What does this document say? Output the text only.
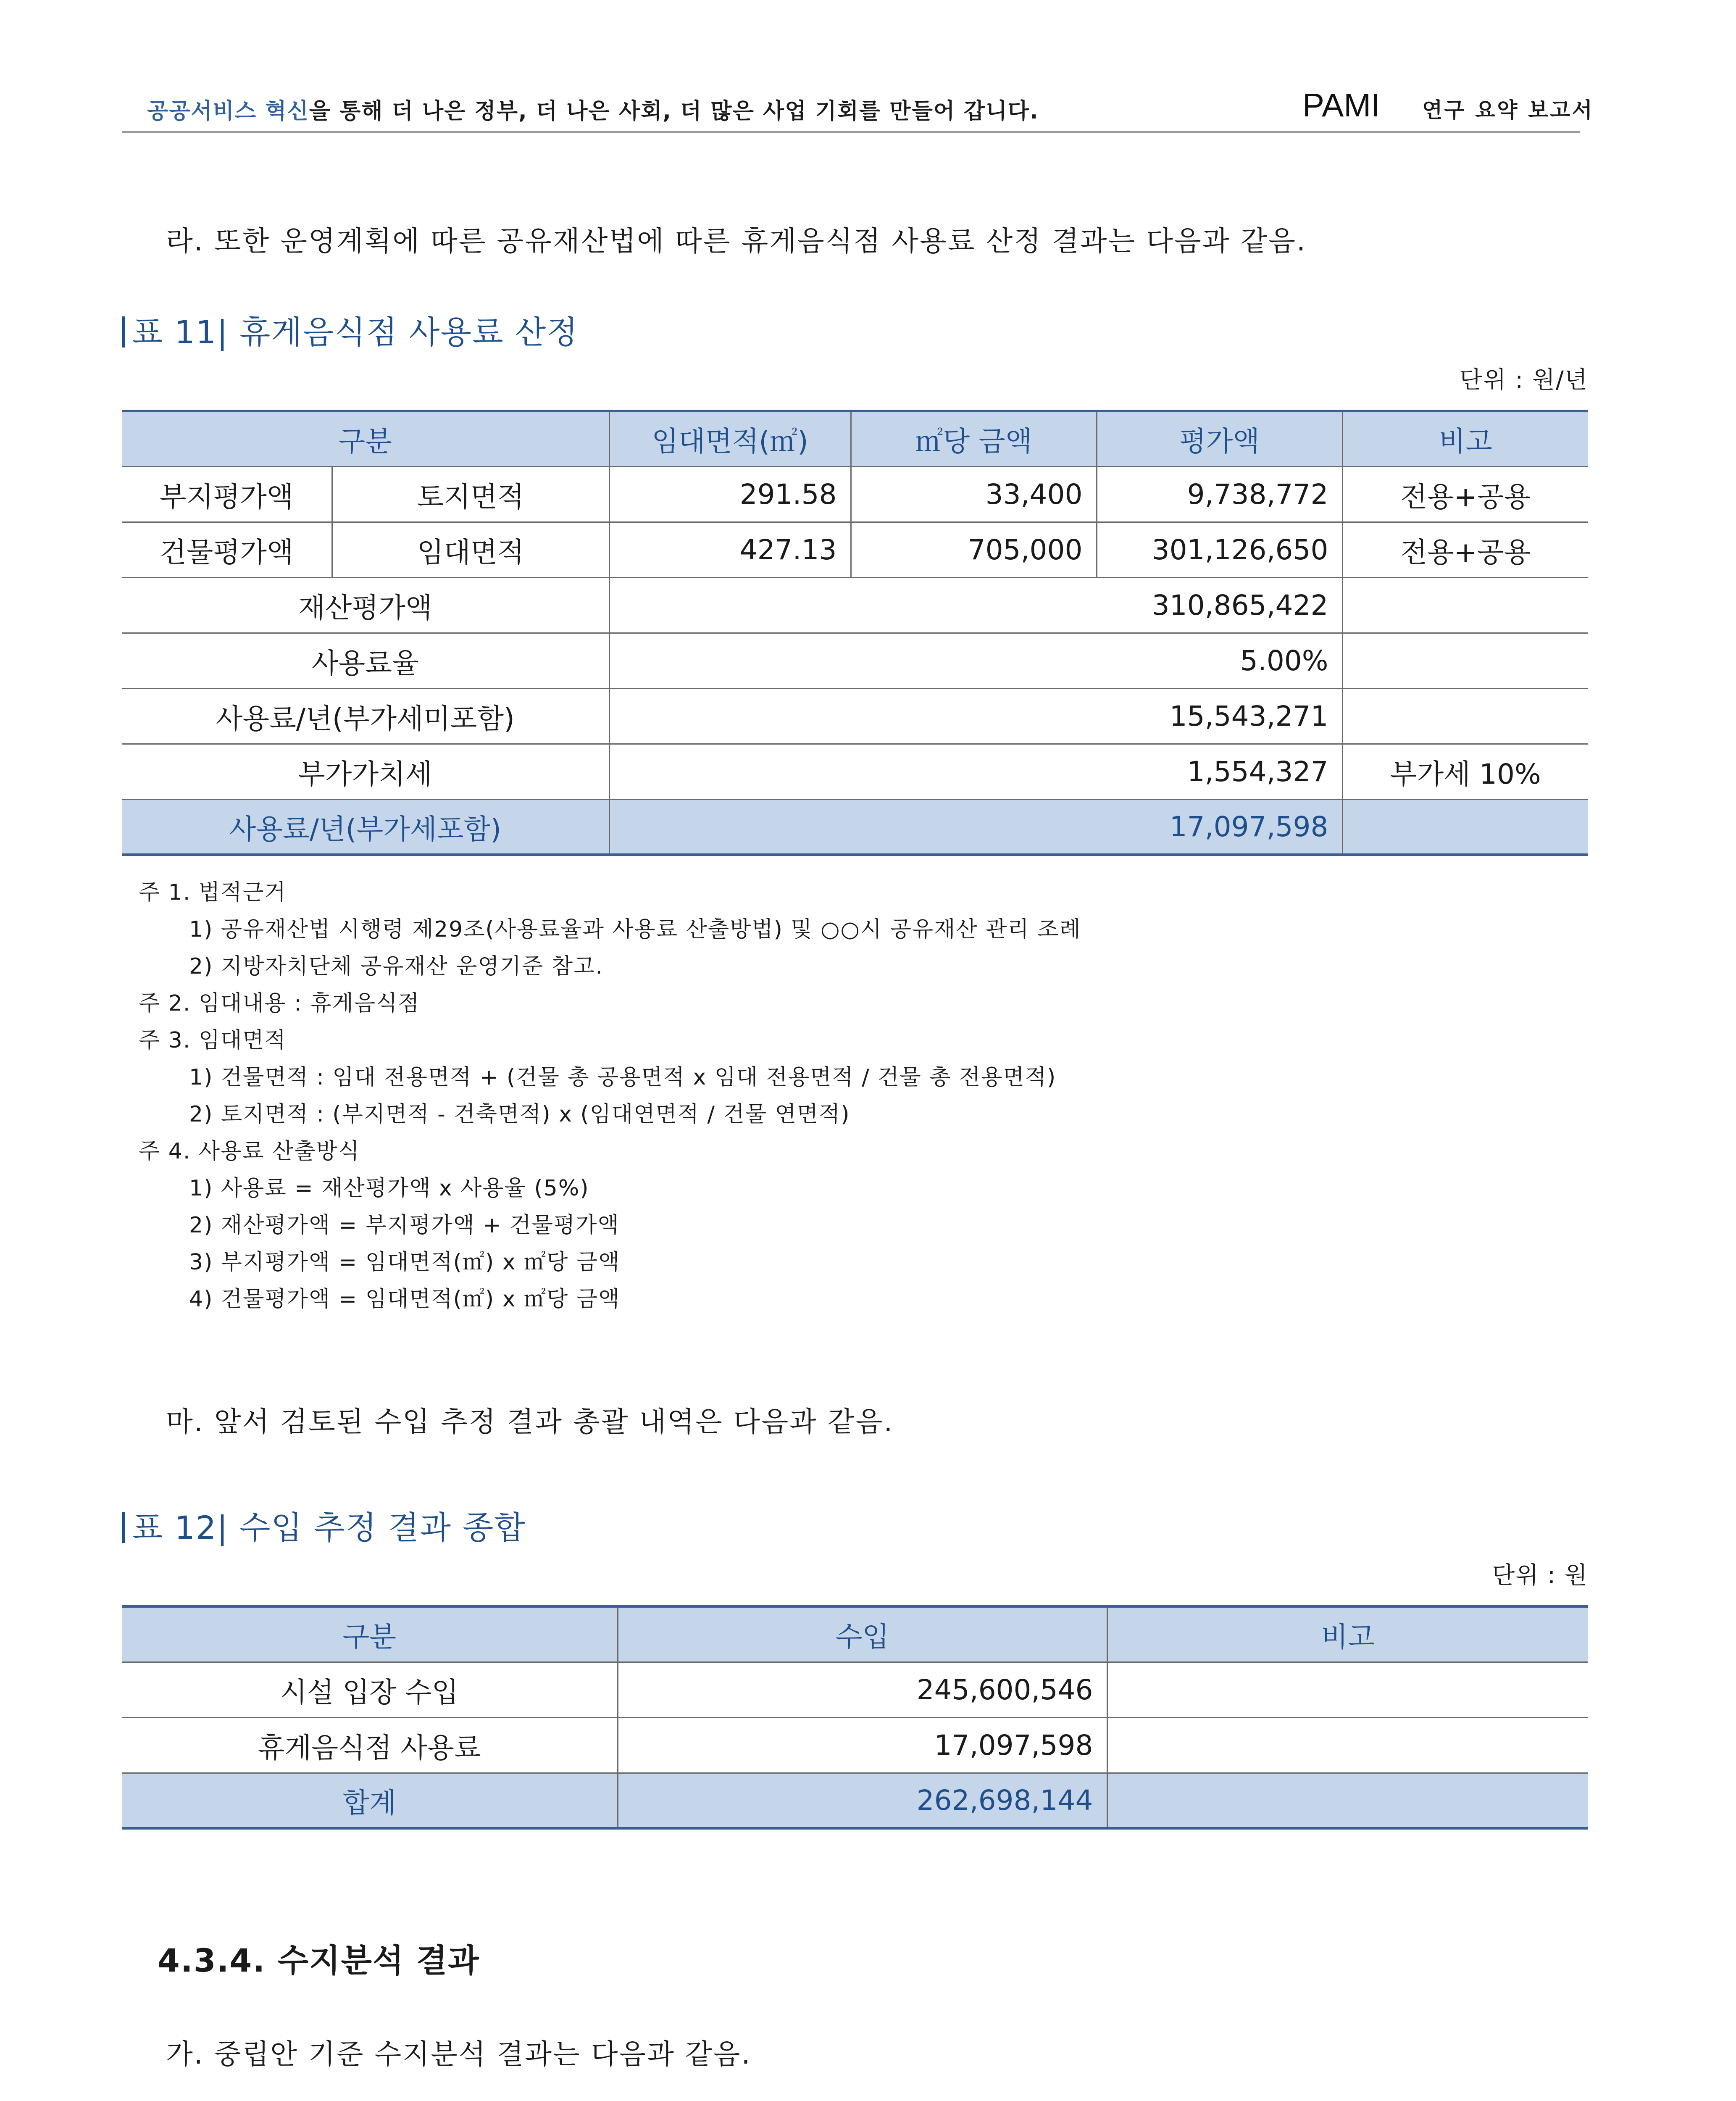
공공서비스 혁신을 통해 더 나은 정부, 더 나은 사회, 더 많은 사업 기회를 만들어 갑니다.	PAMI 연구 요약 보고서
라. 또한 운영계획에 따른 공유재산법에 따른 휴게음식점 사용료 산정 결과는 다음과 같음.
표 11| 휴게음식점 사용료 산정
단위 : 원/년
구분		임대면적(㎡)	㎡당 금액	평가액	비고
부지평가액	토지면적	291.58	33,400	9,738,772	전용+공용
건물평가액	임대면적	427.13	705,000	301,126,650	전용+공용
재산평가액		310,865,422			
사용료율		5.00%			
사용료/년(부가세미포함)		15,543,271			
부가가치세		1,554,327			부가세 10%
사용료/년(부가세포함)		17,097,598			
주 1. 법적근거
1) 공유재산법 시행령 제29조(사용료율과 사용료 산출방법) 및 ○○시 공유재산 관리 조례
2) 지방자치단체 공유재산 운영기준 참고.
주 2. 임대내용 : 휴게음식점
주 3. 임대면적
1) 건물면적 : 임대 전용면적 + (건물 총 공용면적 x 임대 전용면적 / 건물 총 전용면적)
2) 토지면적 : (부지면적 - 건축면적) x (임대연면적 / 건물 연면적)
주 4. 사용료 산출방식
1) 사용료 = 재산평가액 x 사용율 (5%)
2) 재산평가액 = 부지평가액 + 건물평가액
3) 부지평가액 = 임대면적(㎡) x ㎡당 금액
4) 건물평가액 = 임대면적(㎡) x ㎡당 금액
마. 앞서 검토된 수입 추정 결과 총괄 내역은 다음과 같음.
표 12| 수입 추정 결과 종합
단위 : 원
구분	수입	비고
시설 입장 수입	245,600,546	
휴게음식점 사용료	17,097,598	
합계	262,698,144	
4.3.4. 수지분석 결과
가. 중립안 기준 수지분석 결과는 다음과 같음.
